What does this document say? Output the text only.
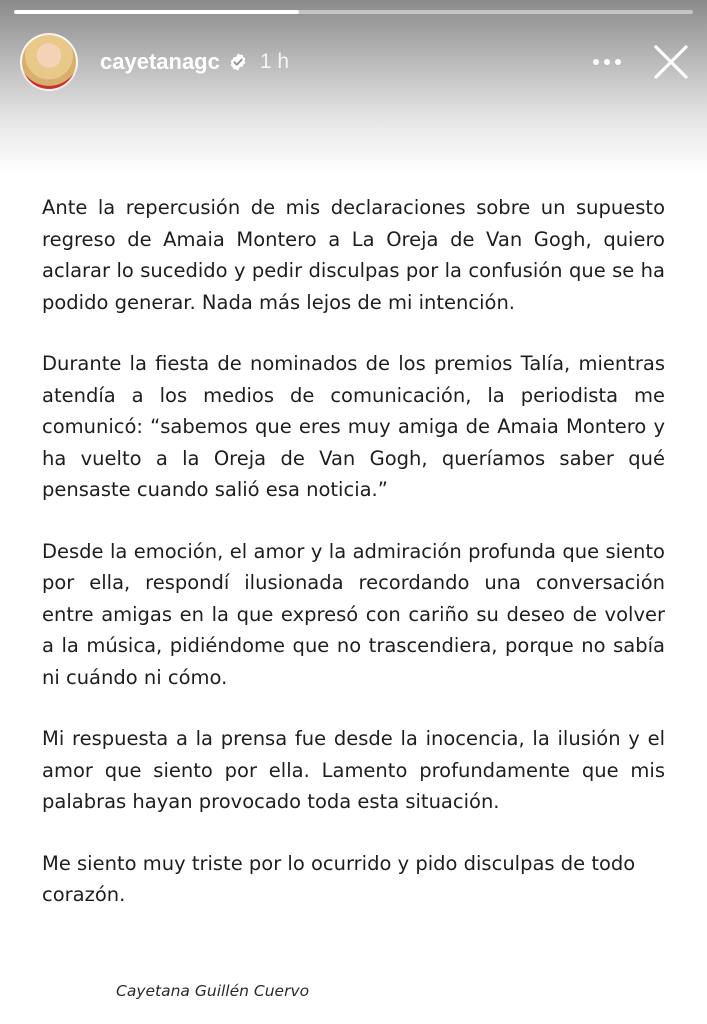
cayetanagc 1 h

Ante la repercusión de mis declaraciones sobre un supuesto regreso de Amaia Montero a La Oreja de Van Gogh, quiero aclarar lo sucedido y pedir disculpas por la confusión que se ha podido generar. Nada más lejos de mi intención.

Durante la fiesta de nominados de los premios Talía, mientras atendía a los medios de comunicación, la periodista me comunicó: “sabemos que eres muy amiga de Amaia Montero y ha vuelto a la Oreja de Van Gogh, queríamos saber qué pensaste cuando salió esa noticia.”

Desde la emoción, el amor y la admiración profunda que siento por ella, respondí ilusionada recordando una conversación entre amigas en la que expresó con cariño su deseo de volver a la música, pidiéndome que no trascendiera, porque no sabía ni cuándo ni cómo.

Mi respuesta a la prensa fue desde la inocencia, la ilusión y el amor que siento por ella. Lamento profundamente que mis palabras hayan provocado toda esta situación.

Me siento muy triste por lo ocurrido y pido disculpas de todo corazón.

Cayetana Guillén Cuervo
